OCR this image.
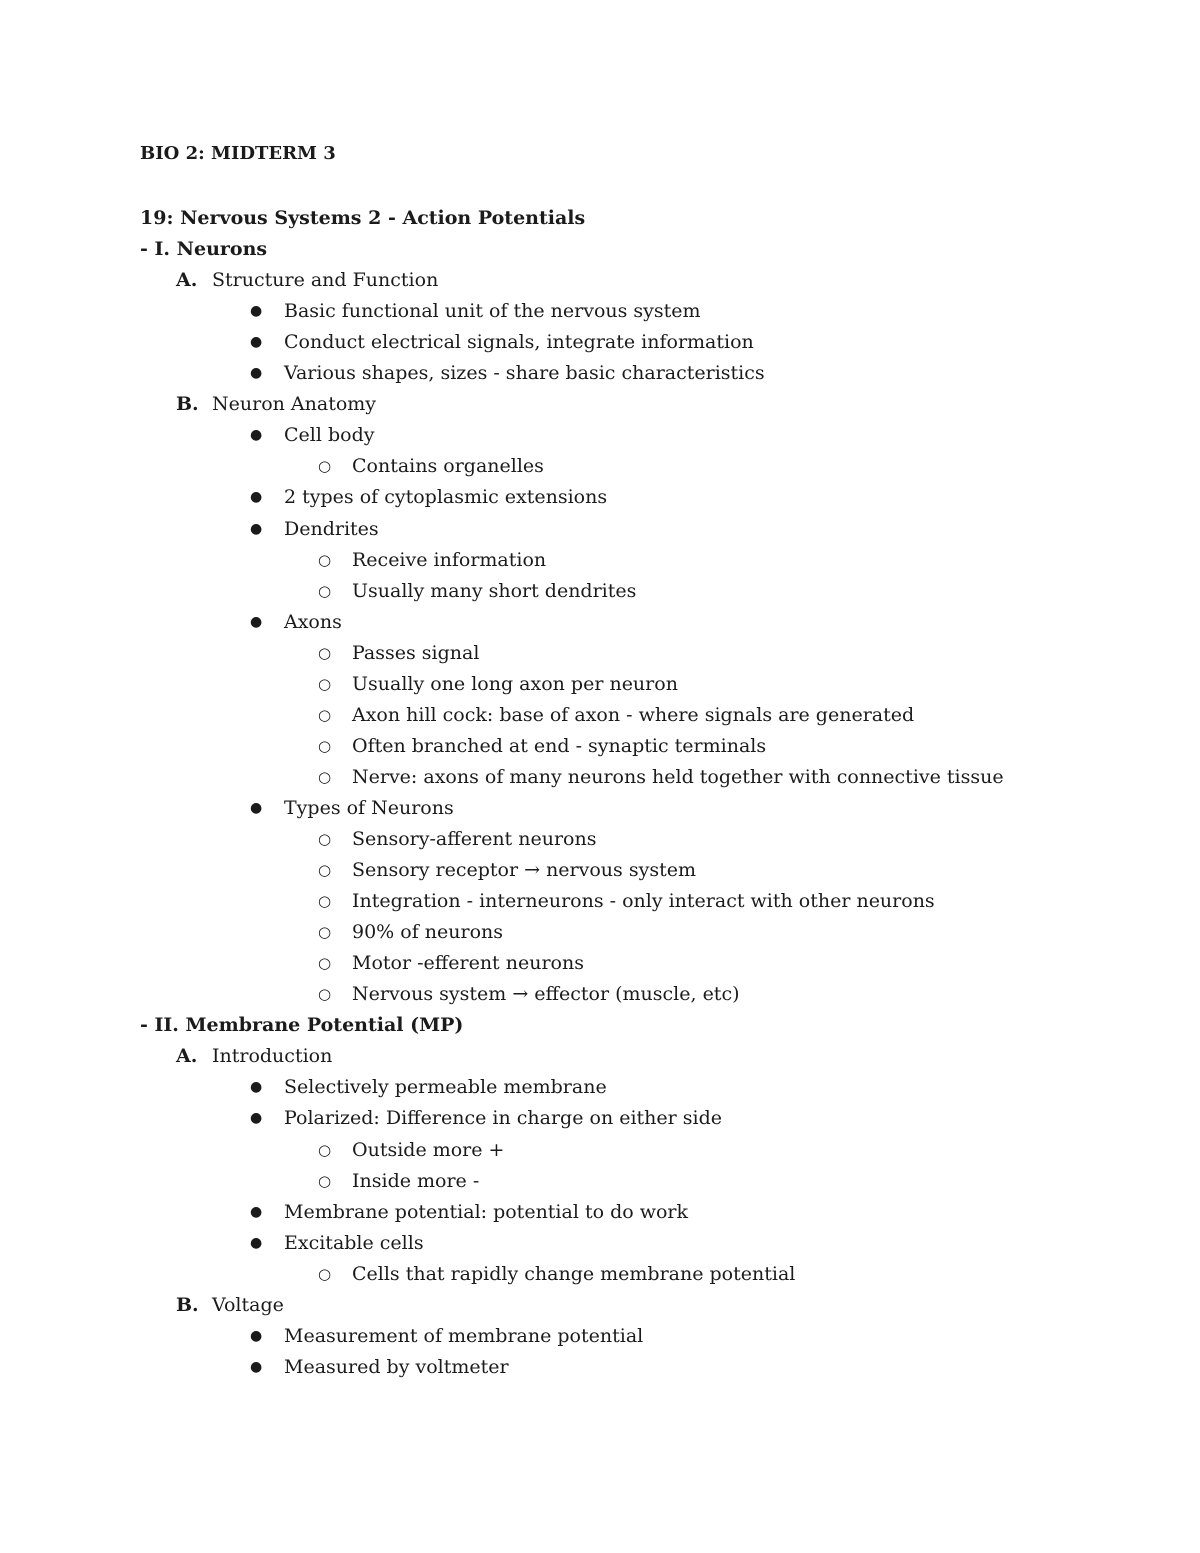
BIO 2: MIDTERM 3
19: Nervous Systems 2 - Action Potentials
- I. Neurons
A. Structure and Function
● Basic functional unit of the nervous system
● Conduct electrical signals, integrate information
● Various shapes, sizes - share basic characteristics
B. Neuron Anatomy
● Cell body
○ Contains organelles
● 2 types of cytoplasmic extensions
● Dendrites
○ Receive information
○ Usually many short dendrites
● Axons
○ Passes signal
○ Usually one long axon per neuron
○ Axon hill cock: base of axon - where signals are generated
○ Often branched at end - synaptic terminals
○ Nerve: axons of many neurons held together with connective tissue
● Types of Neurons
○ Sensory-afferent neurons
○ Sensory receptor → nervous system
○ Integration - interneurons - only interact with other neurons
○ 90% of neurons
○ Motor -efferent neurons
○ Nervous system → effector (muscle, etc)
- II. Membrane Potential (MP)
A. Introduction
● Selectively permeable membrane
● Polarized: Difference in charge on either side
○ Outside more +
○ Inside more -
● Membrane potential: potential to do work
● Excitable cells
○ Cells that rapidly change membrane potential
B. Voltage
● Measurement of membrane potential
● Measured by voltmeter
